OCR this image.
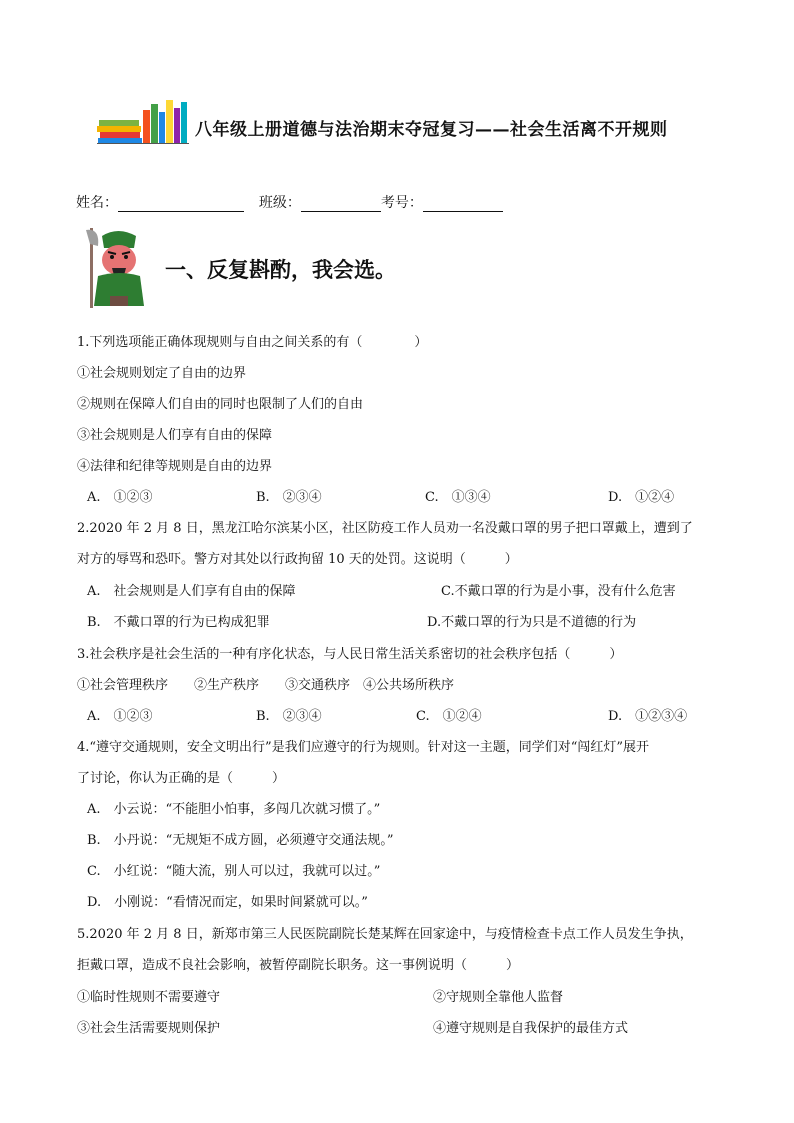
八年级上册道德与法治期末夺冠复习——社会生活离不开规则
姓名：	班级：	考号：
一、反复斟酌，我会选。
1.下列选项能正确体现规则与自由之间关系的有（　　　　）
①社会规则划定了自由的边界
②规则在保障人们自由的同时也限制了人们的自由
③社会规则是人们享有自由的保障
④法律和纪律等规则是自由的边界
A.　①②③	B.　②③④	C.　①③④	D.　①②④
2.2020 年 2 月 8 日，黑龙江哈尔滨某小区，社区防疫工作人员劝一名没戴口罩的男子把口罩戴上，遭到了
对方的辱骂和恐吓。警方对其处以行政拘留 10 天的处罚。这说明（　　　）
A.　社会规则是人们享有自由的保障	C.不戴口罩的行为是小事，没有什么危害
B.　不戴口罩的行为已构成犯罪	D.不戴口罩的行为只是不道德的行为
3.社会秩序是社会生活的一种有序化状态，与人民日常生活关系密切的社会秩序包括（　　　）
①社会管理秩序　　②生产秩序　　③交通秩序　④公共场所秩序
A.　①②③	B.　②③④	C.　①②④	D.　①②③④
4.“遵守交通规则，安全文明出行”是我们应遵守的行为规则。针对这一主题，同学们对“闯红灯”展开
了讨论，你认为正确的是（　　　）
A.　小云说：“不能胆小怕事，多闯几次就习惯了。”
B.　小丹说：“无规矩不成方圆，必须遵守交通法规。”
C.　小红说：“随大流，别人可以过，我就可以过。”
D.　小刚说：“看情况而定，如果时间紧就可以。”
5.2020 年 2 月 8 日，新郑市第三人民医院副院长楚某辉在回家途中，与疫情检查卡点工作人员发生争执，
拒戴口罩，造成不良社会影响，被暂停副院长职务。这一事例说明（　　　）
①临时性规则不需要遵守	②守规则全靠他人监督
③社会生活需要规则保护	④遵守规则是自我保护的最佳方式
